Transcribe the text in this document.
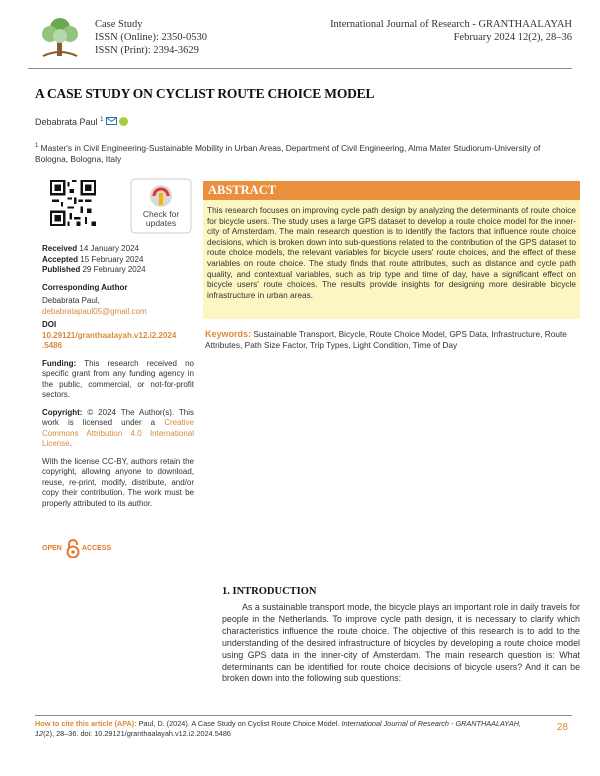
Case Study
ISSN (Online): 2350-0530
ISSN (Print): 2394-3629
International Journal of Research - GRANTHAALAYAH
February 2024 12(2), 28–36
A CASE STUDY ON CYCLIST ROUTE CHOICE MODEL
Debabrata Paul $^1$
$^1$ Master's in Civil Engineering-Sustainable Mobility in Urban Areas, Department of Civil Engineering, Alma Mater Studiorum-University of Bologna, Bologna, Italy
Check for
updates
Received 14 January 2024
Accepted 15 February 2024
Published 29 February 2024
Corresponding Author
Debabrata Paul,
debabratapaul05@gmail.com
DOI
10.29121/granthaalayah.v12.i2.2024
.5486
Funding: This research received no specific grant from any funding agency in the public, commercial, or not-for-profit sectors.
Copyright: © 2024 The Author(s). This work is licensed under a Creative Commons Attribution 4.0 International License.
With the license CC-BY, authors retain the copyright, allowing anyone to download, reuse, re-print, modify, distribute, and/or copy their contribution. The work must be properly attributed to its author.
OPEN	ACCESS
ABSTRACT
This research focuses on improving cycle path design by analyzing the determinants of route choice for bicycle users. The study uses a large GPS dataset to develop a route choice model for the inner-city of Amsterdam. The main research question is to identify the factors that influence route choice decisions, which is broken down into sub-questions related to the contribution of the GPS dataset to route choice models, the relevant variables for bicycle users' route choices, and the effect of these variables on route choice. The study finds that route attributes, such as distance and cycle path quality, and contextual variables, such as trip type and time of day, have a significant effect on bicycle users' route choices. The results provide insights for designing more desirable bicycle infrastructure in urban areas.
Keywords: Sustainable Transport, Bicycle, Route Choice Model, GPS Data, Infrastructure, Route Attributes, Path Size Factor, Trip Types, Light Condition, Time of Day
1. INTRODUCTION
As a sustainable transport mode, the bicycle plays an important role in daily travels for people in the Netherlands. To improve cycle path design, it is necessary to clarify which characteristics influence the route choice. The objective of this research is to add to the understanding of the desired infrastructure of bicycles by developing a route choice model using GPS data in the inner-city of Amsterdam. The main research question is: What determinants can be identified for route choice decisions of bicycle users? And it can be broken down into the following sub questions:
How to cite this article (APA): Paul, D. (2024). A Case Study on Cyclist Route Choice Model. International Journal of Research - GRANTHAALAYAH, 12(2), 28–36. doi: 10.29121/granthaalayah.v12.i2.2024.5486
28
